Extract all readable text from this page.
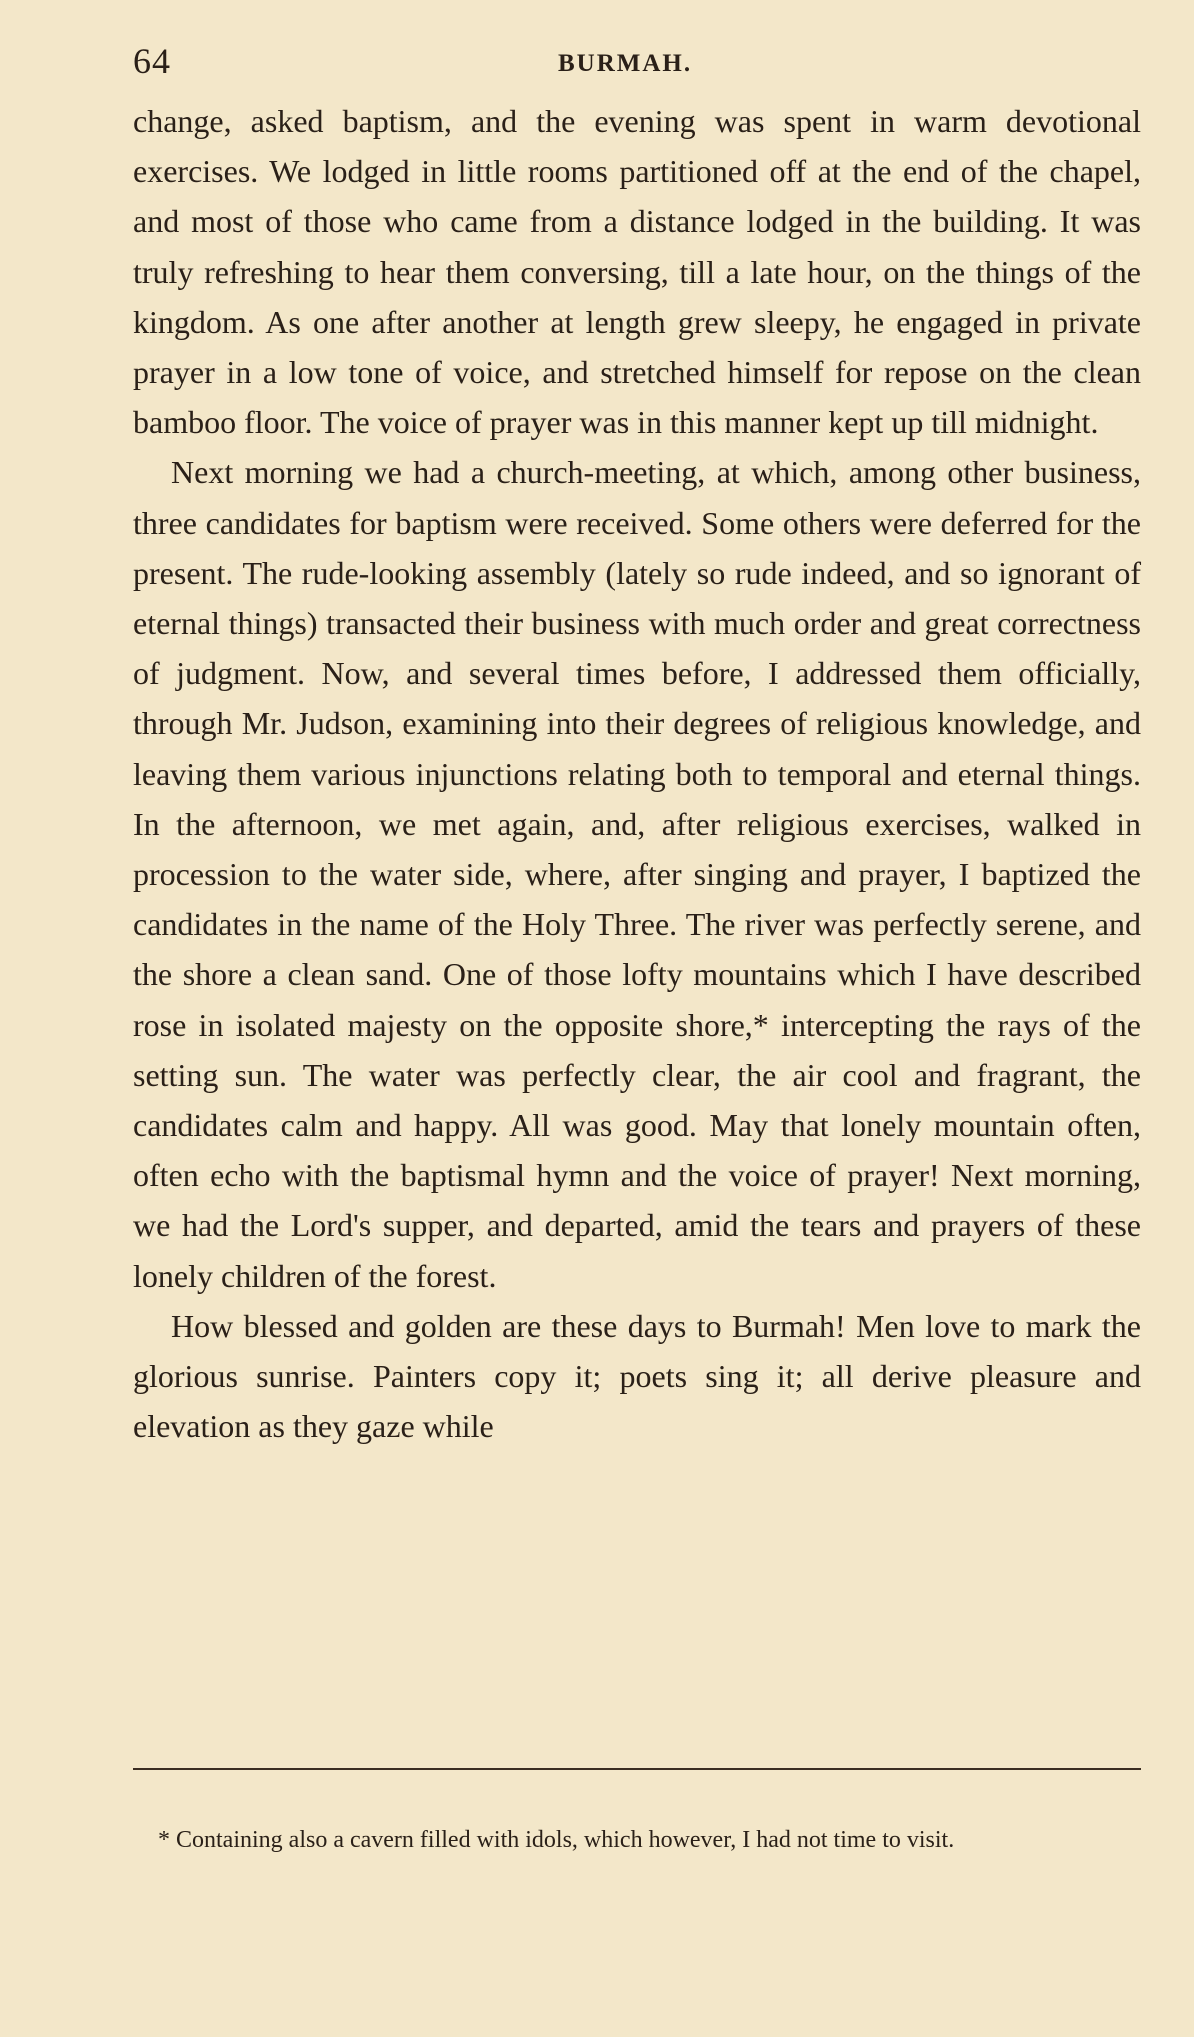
64	BURMAH.

change, asked baptism, and the evening was spent in warm devotional exercises. We lodged in little rooms partitioned off at the end of the chapel, and most of those who came from a distance lodged in the building. It was truly refreshing to hear them conversing, till a late hour, on the things of the kingdom. As one after another at length grew sleepy, he engaged in private prayer in a low tone of voice, and stretched himself for repose on the clean bamboo floor. The voice of prayer was in this manner kept up till midnight.

Next morning we had a church-meeting, at which, among other business, three candidates for baptism were received. Some others were deferred for the present. The rude-looking assembly (lately so rude indeed, and so ignorant of eternal things) transacted their business with much order and great correctness of judgment. Now, and several times before, I addressed them officially, through Mr. Judson, examining into their degrees of religious knowledge, and leaving them various injunctions relating both to temporal and eternal things. In the afternoon, we met again, and, after religious exercises, walked in procession to the water side, where, after singing and prayer, I baptized the candidates in the name of the Holy Three. The river was perfectly serene, and the shore a clean sand. One of those lofty mountains which I have described rose in isolated majesty on the opposite shore,* intercepting the rays of the setting sun. The water was perfectly clear, the air cool and fragrant, the candidates calm and happy. All was good. May that lonely mountain often, often echo with the baptismal hymn and the voice of prayer! Next morning, we had the Lord's supper, and departed, amid the tears and prayers of these lonely children of the forest.

How blessed and golden are these days to Burmah! Men love to mark the glorious sunrise. Painters copy it; poets sing it; all derive pleasure and elevation as they gaze while

* Containing also a cavern filled with idols, which however, I had not time to visit.
